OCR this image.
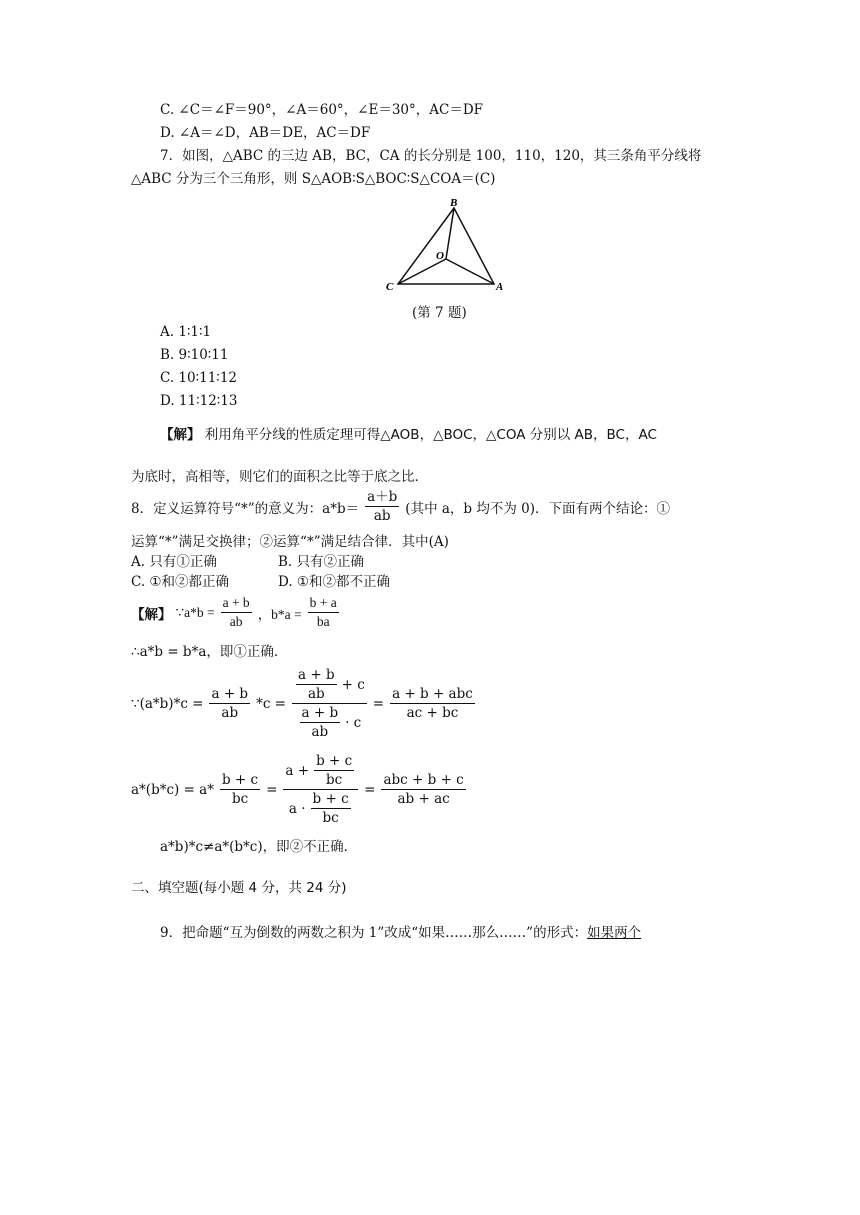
C. ∠C＝∠F＝90°，∠A＝60°，∠E＝30°，AC＝DF
D. ∠A＝∠D，AB＝DE，AC＝DF
7．如图，△ABC 的三边 AB，BC，CA 的长分别是 100，110，120，其三条角平分线将
△ABC 分为三个三角形，则 S△AOB∶S△BOC∶S△COA＝(C)
B
O
C	A
(第 7 题)
A. 1∶1∶1
B. 9∶10∶11
C. 10∶11∶12
D. 11∶12∶13
【解】 利用角平分线的性质定理可得△AOB，△BOC，△COA 分别以 AB，BC，AC
为底时，高相等，则它们的面积之比等于底之比．
8．定义运算符号“*”的意义为：$a*b= \frac{a+b}{ab}$ (其中 a，b 均不为 0)．下面有两个结论：①
运算“*”满足交换律；②运算“*”满足结合律．其中(A)
A. 只有①正确	B. 只有②正确
C. ①和②都正确	D. ①和②都不正确
【解】 ∵a*b = $\frac{a + b}{ab}$ ，$b*a = \frac{b + a}{ba}$
∴a*b = b*a，即①正确．
∵(a*b)*c = $\frac{a + b}{ab} *c = \frac{\frac{a + b}{ab} + c}{\frac{a + b}{ab} \cdot c} = \frac{\text{a + b + abc}}{ac + bc}$
$a*(b*c) = a* \frac{b + c}{bc} = \frac{a + \frac{b + c}{bc}}{a \cdot \frac{b + c}{bc}} = \frac{\text{abc + b + c}}{ab + ac}$
a*b)*c≠a*(b*c)，即②不正确．
二、填空题(每小题 4 分，共 24 分)
9．把命题“互为倒数的两数之积为 1”改成“如果……那么……”的形式：如果两个
